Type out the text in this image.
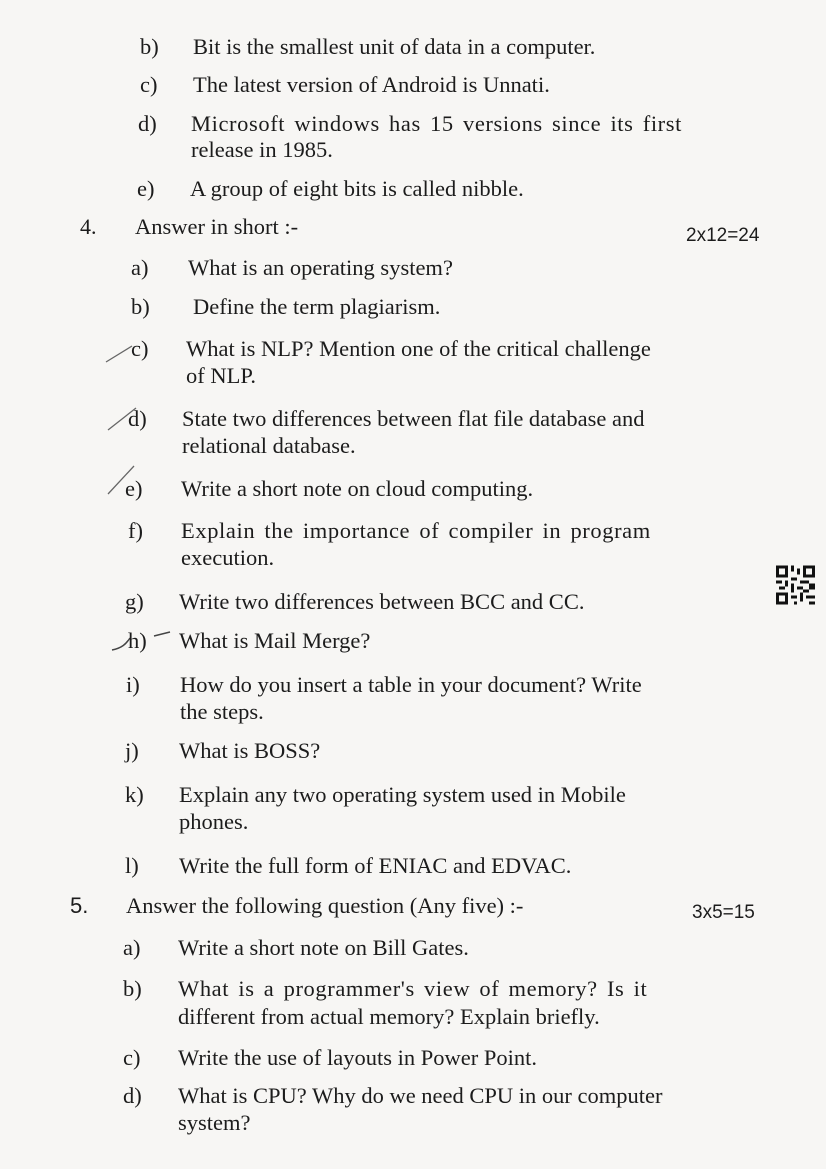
b) Bit is the smallest unit of data in a computer.
c) The latest version of Android is Unnati.
d) Microsoft windows has 15 versions since its first
release in 1985.
e) A group of eight bits is called nibble.
4. Answer in short :-	2x12=24
a) What is an operating system?
b) Define the term plagiarism.
c) What is NLP? Mention one of the critical challenge
of NLP.
d) State two differences between flat file database and
relational database.
e) Write a short note on cloud computing.
f) Explain the importance of compiler in program
execution.
g) Write two differences between BCC and CC.
h) What is Mail Merge?
i) How do you insert a table in your document? Write
the steps.
j) What is BOSS?
k) Explain any two operating system used in Mobile
phones.
l) Write the full form of ENIAC and EDVAC.
5. Answer the following question (Any five) :-	3x5=15
a) Write a short note on Bill Gates.
b) What is a programmer's view of memory? Is it
different from actual memory? Explain briefly.
c) Write the use of layouts in Power Point.
d) What is CPU? Why do we need CPU in our computer
system?
